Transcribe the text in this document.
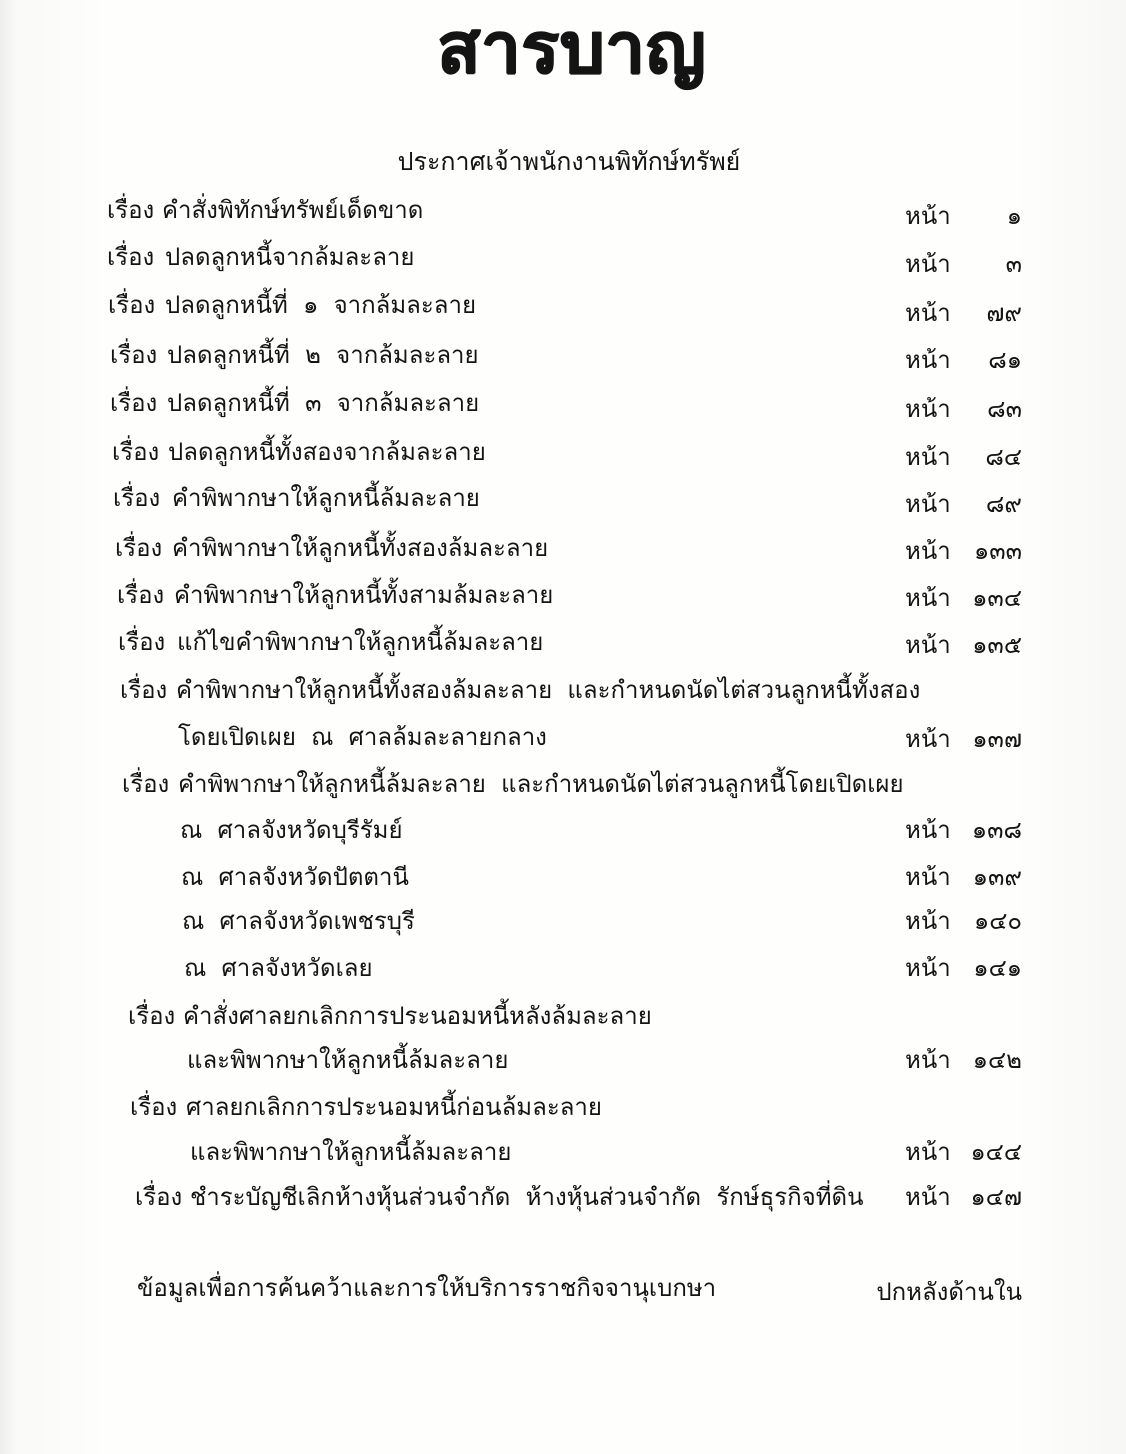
สารบาญ
ประกาศเจ้าพนักงานพิทักษ์ทรัพย์
เรื่อง คำสั่งพิทักษ์ทรัพย์เด็ดขาด	หน้า	๑
เรื่อง ปลดลูกหนี้จากล้มละลาย	หน้า	๓
เรื่อง ปลดลูกหนี้ที่  ๑  จากล้มละลาย	หน้า	๗๙
เรื่อง ปลดลูกหนี้ที่  ๒  จากล้มละลาย	หน้า	๘๑
เรื่อง ปลดลูกหนี้ที่  ๓  จากล้มละลาย	หน้า	๘๓
เรื่อง ปลดลูกหนี้ทั้งสองจากล้มละลาย	หน้า	๘๔
เรื่อง คำพิพากษาให้ลูกหนี้ล้มละลาย	หน้า	๘๙
เรื่อง คำพิพากษาให้ลูกหนี้ทั้งสองล้มละลาย	หน้า ๑๓๓
เรื่อง คำพิพากษาให้ลูกหนี้ทั้งสามล้มละลาย	หน้า ๑๓๔
เรื่อง แก้ไขคำพิพากษาให้ลูกหนี้ล้มละลาย	หน้า ๑๓๕
เรื่อง คำพิพากษาให้ลูกหนี้ทั้งสองล้มละลาย  และกำหนดนัดไต่สวนลูกหนี้ทั้งสอง
โดยเปิดเผย  ณ  ศาลล้มละลายกลาง	หน้า ๑๓๗
เรื่อง คำพิพากษาให้ลูกหนี้ล้มละลาย  และกำหนดนัดไต่สวนลูกหนี้โดยเปิดเผย
ณ  ศาลจังหวัดบุรีรัมย์	หน้า ๑๓๘
ณ  ศาลจังหวัดปัตตานี	หน้า ๑๓๙
ณ  ศาลจังหวัดเพชรบุรี	หน้า ๑๔๐
ณ  ศาลจังหวัดเลย	หน้า ๑๔๑
เรื่อง คำสั่งศาลยกเลิกการประนอมหนี้หลังล้มละลาย
และพิพากษาให้ลูกหนี้ล้มละลาย	หน้า ๑๔๒
เรื่อง ศาลยกเลิกการประนอมหนี้ก่อนล้มละลาย
และพิพากษาให้ลูกหนี้ล้มละลาย	หน้า ๑๔๔
เรื่อง ชำระบัญชีเลิกห้างหุ้นส่วนจำกัด  ห้างหุ้นส่วนจำกัด  รักษ์ธุรกิจที่ดิน	หน้า ๑๔๗
ข้อมูลเพื่อการค้นคว้าและการให้บริการราชกิจจานุเบกษา	ปกหลังด้านใน
